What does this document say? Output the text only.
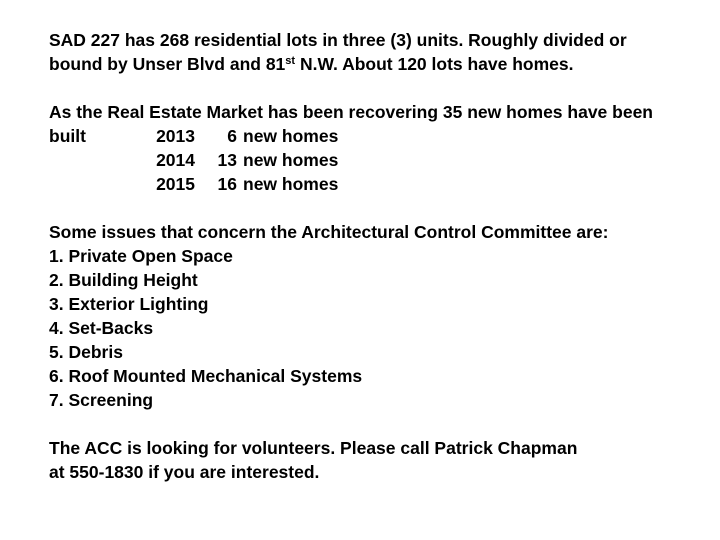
SAD 227 has 268 residential lots in three (3) units. Roughly divided or
bound by Unser Blvd and 81st N.W. About 120 lots have homes.
As the Real Estate Market has been recovering 35 new homes have been
built	2013	6 new homes
2014	13 new homes
2015	16 new homes
Some issues that concern the Architectural Control Committee are:
1. Private Open Space
2. Building Height
3. Exterior Lighting
4. Set-Backs
5. Debris
6. Roof Mounted Mechanical Systems
7. Screening
The ACC is looking for volunteers. Please call Patrick Chapman
at 550-1830 if you are interested.
